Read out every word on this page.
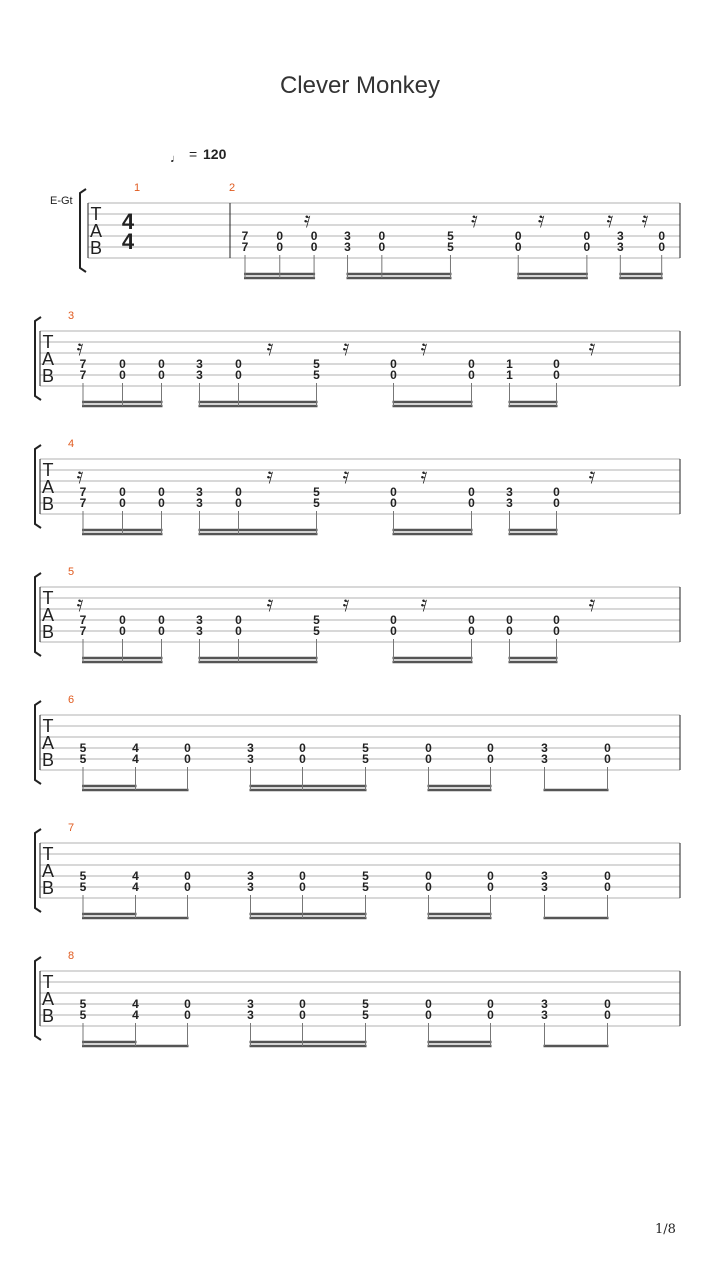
Clever Monkey
= 120
E-Gt
T
A
B
1	2
4
4	7
7
0
0
0
0
3
3
0
0
5
5
0
0
0
0
3
3
0
0
𝄿	𝄿	𝄿	𝄿 𝄿
T
A
B
3
7
7
0
0
0
0
3
3
0
0
5
5
0
0
0
0
1
1
0
0
𝄿	𝄿	𝄿	𝄿	𝄿
T
A
B
4
7
7
0
0
0
0
3
3
0
0
5
5
0
0
0
0
3
3
0
0
𝄿	𝄿	𝄿	𝄿	𝄿
T
A
B
5
7
7
0
0
0
0
3
3
0
0
5
5
0
0
0
0
0
0
0
0
𝄿	𝄿	𝄿	𝄿	𝄿
T
A
B
6
5
5
4
4
0
0
3
3
0
0
5
5
0
0
0
0
3
3
0
0
T
A
B
7
5
5
4
4
0
0
3
3
0
0
5
5
0
0
0
0
3
3
0
0
T
A
B
8
5
5
4
4
0
0
3
3
0
0
5
5
0
0
0
0
3
3
0
0
1/8
